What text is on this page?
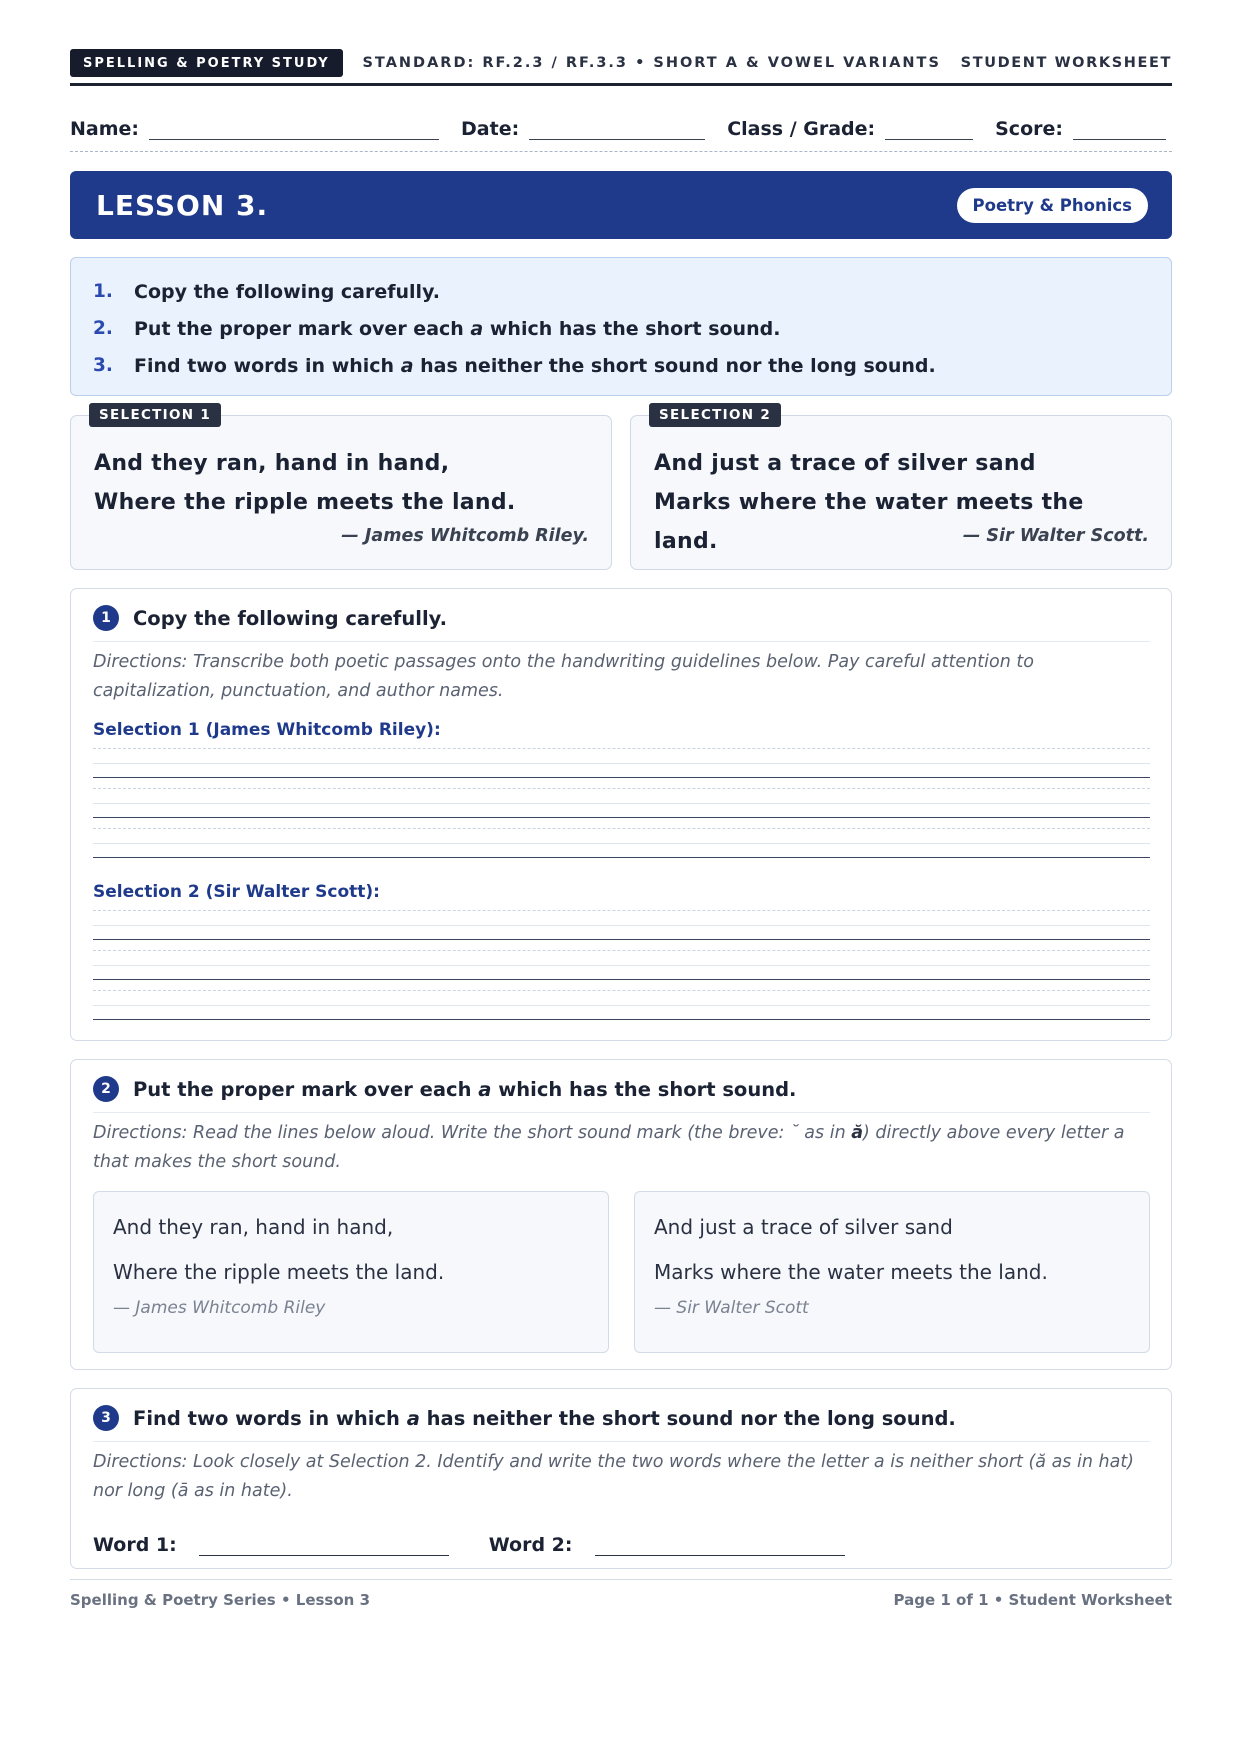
SPELLING & POETRY STUDY	STANDARD: RF.2.3 / RF.3.3 • SHORT A & VOWEL VARIANTS STUDENT WORKSHEET
Name:	Date:	Class / Grade:	Score:
LESSON 3.	Poetry & Phonics
1.	Copy the following carefully.
2.	Put the proper mark over each a which has the short sound.
3.	Find two words in which a has neither the short sound nor the long sound.
SELECTION 1
And they ran, hand in hand,
Where the ripple meets the land.
— James Whitcomb Riley.
SELECTION 2
And just a trace of silver sand
Marks where the water meets the land.	— Sir Walter Scott.
1	Copy the following carefully.
Directions: Transcribe both poetic passages onto the handwriting guidelines below. Pay careful attention to capitalization, punctuation, and author names.
Selection 1 (James Whitcomb Riley):
Selection 2 (Sir Walter Scott):
2	Put the proper mark over each a which has the short sound.
Directions: Read the lines below aloud. Write the short sound mark (the breve: ˘ as in ă) directly above every letter a that makes the short sound.
And they ran, hand in hand,
Where the ripple meets the land.
— James Whitcomb Riley
And just a trace of silver sand
Marks where the water meets the land.
— Sir Walter Scott
3	Find two words in which a has neither the short sound nor the long sound.
Directions: Look closely at Selection 2. Identify and write the two words where the letter a is neither short (ă as in hat) nor long (ā as in hate).
Word 1:	Word 2:
Spelling & Poetry Series • Lesson 3	Page 1 of 1 • Student Worksheet
